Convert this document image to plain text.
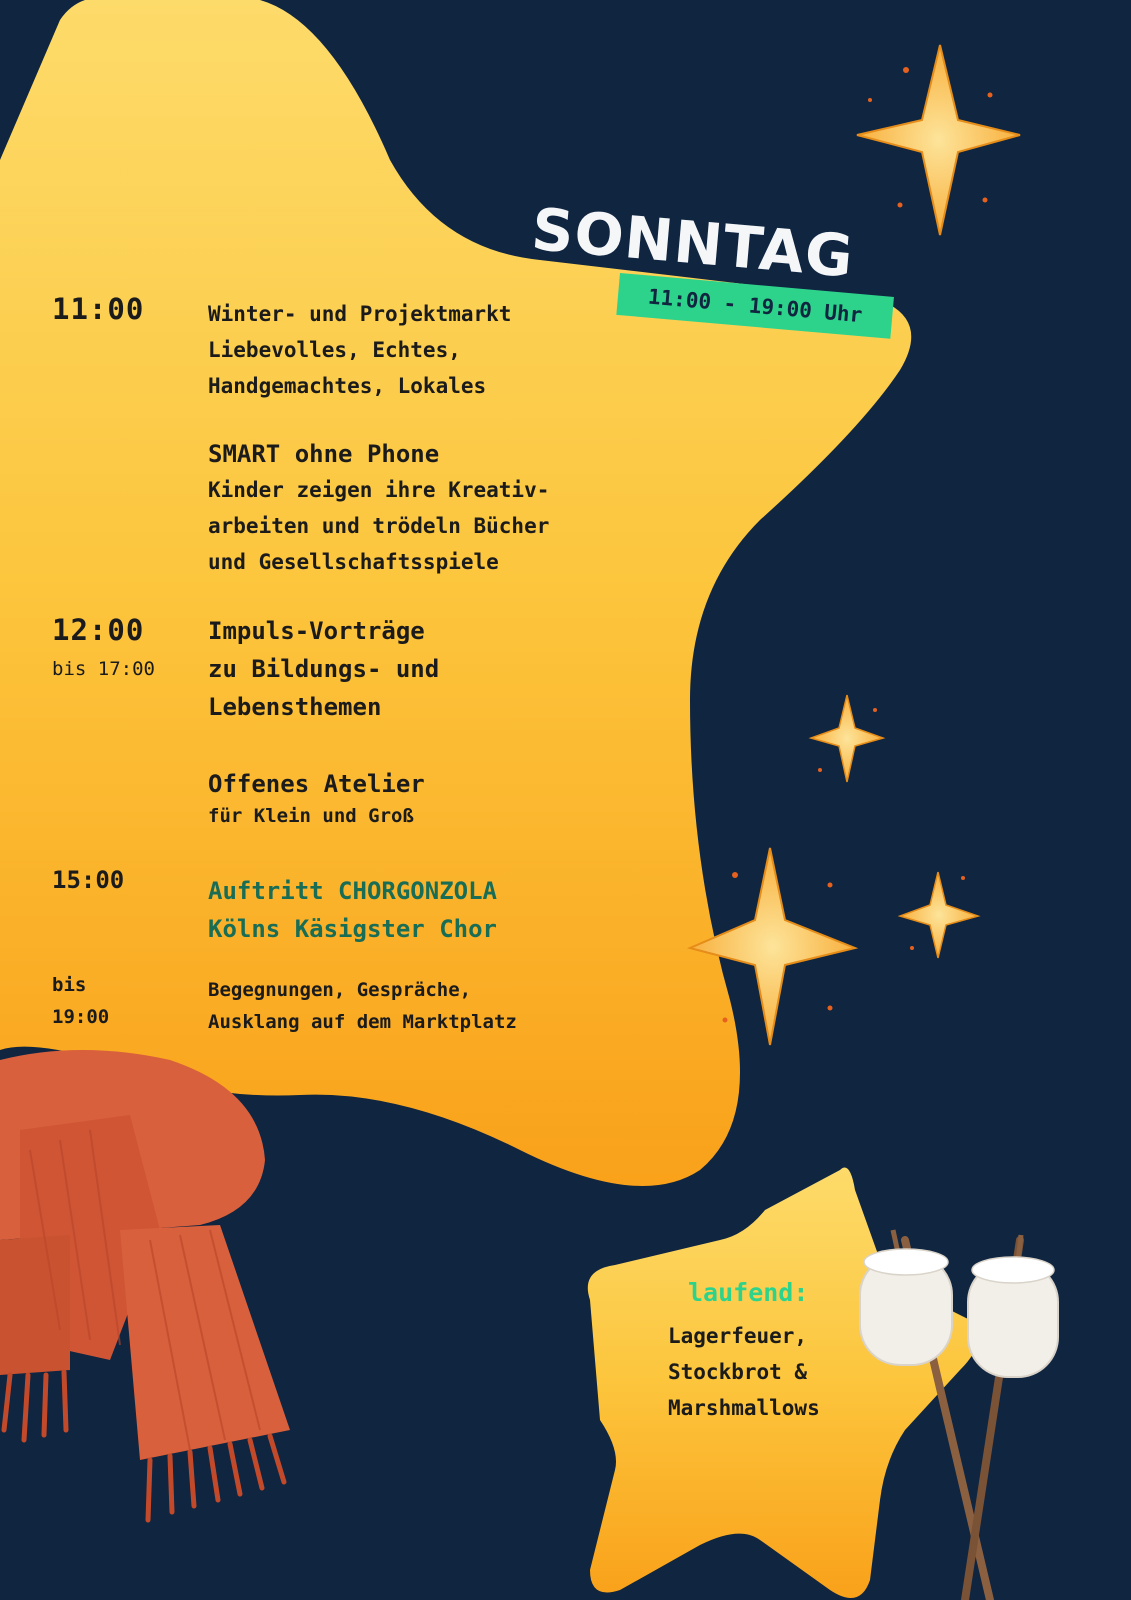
SONNTAG
11:00 - 19:00 Uhr
11:00	Winter- und Projektmarkt
Liebevolles, Echtes,
Handgemachtes, Lokales
SMART ohne Phone
Kinder zeigen ihre Kreativ-
arbeiten und trödeln Bücher
und Gesellschaftsspiele
12:00
bis 17:00
Impuls-Vorträge
zu Bildungs- und
Lebensthemen
Offenes Atelier
für Klein und Groß
15:00	Auftritt CHORGONZOLA
Kölns Käsigster Chor
bis
19:00
Begegnungen, Gespräche,
Ausklang auf dem Marktplatz
laufend:
Lagerfeuer,
Stockbrot &
Marshmallows
